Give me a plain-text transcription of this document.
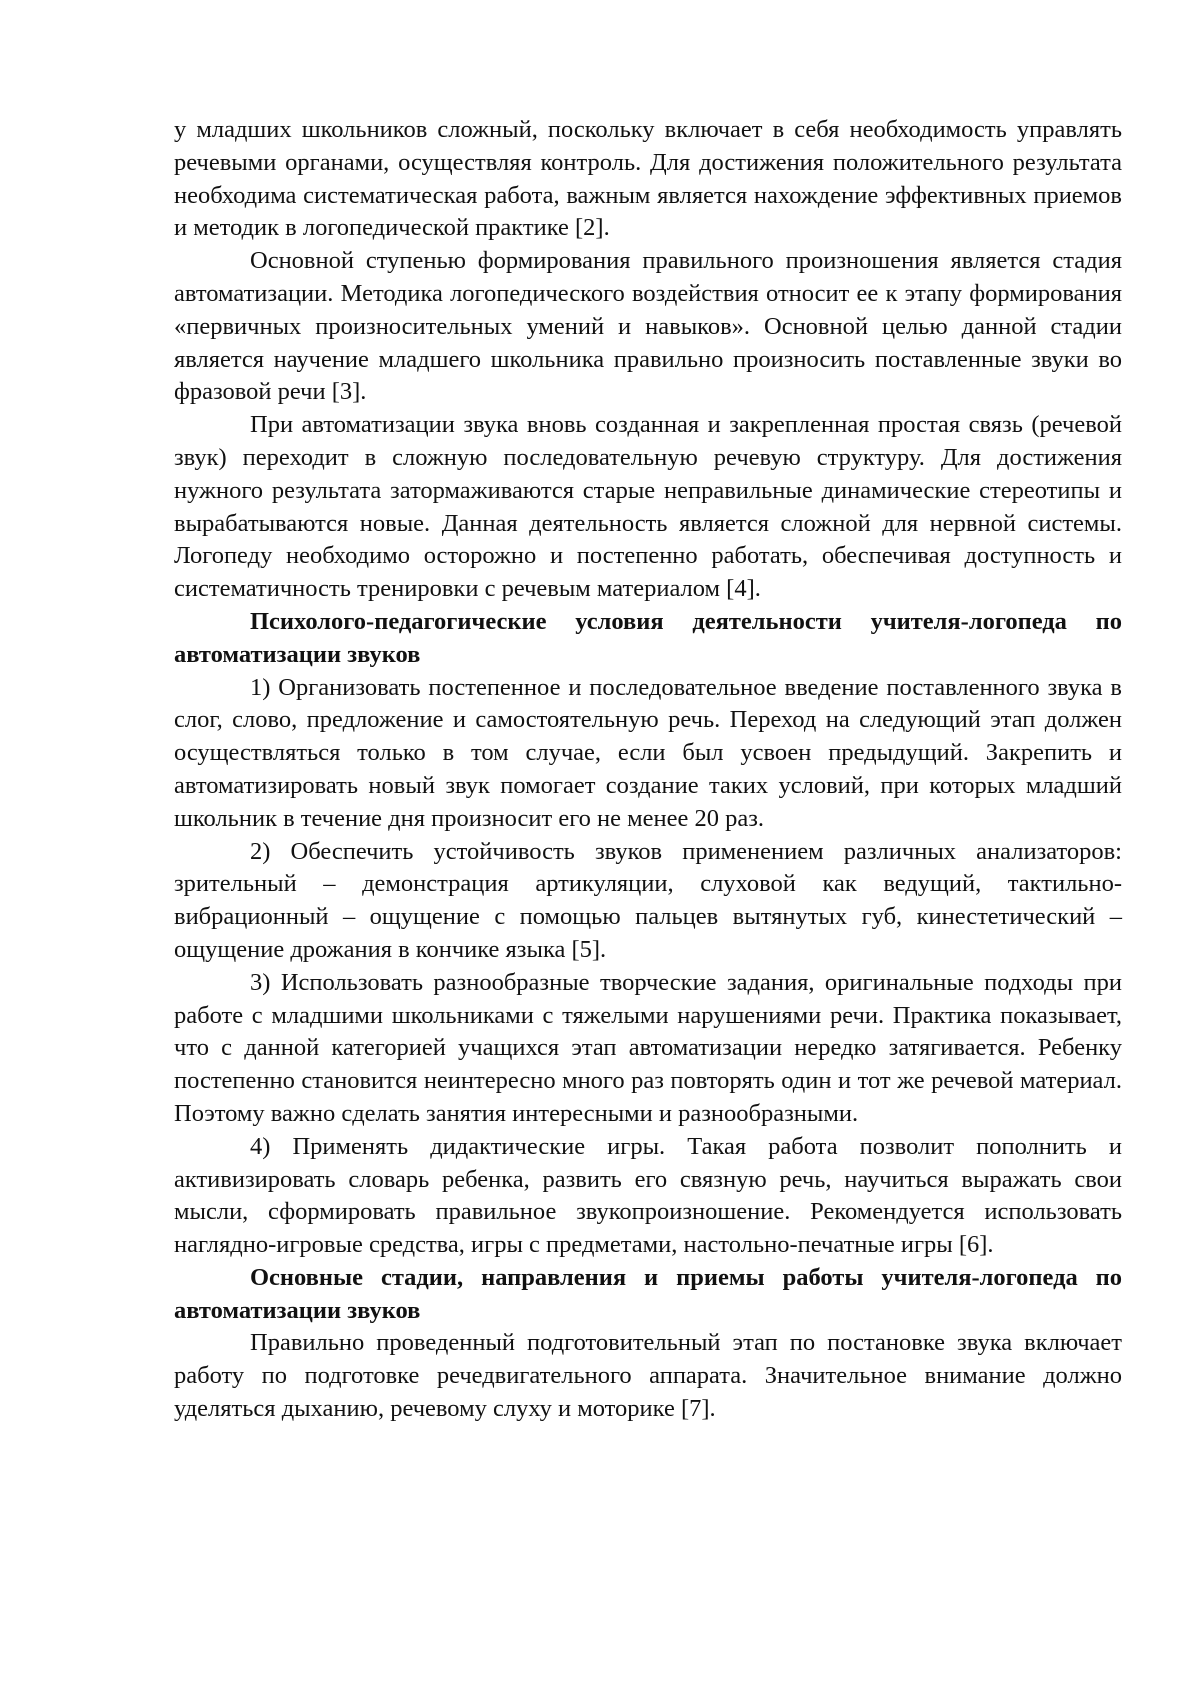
у младших школьников сложный, поскольку включает в себя необходимость управлять речевыми органами, осуществляя контроль. Для достижения положительного результата необходима систематическая работа, важным является нахождение эффективных приемов и методик в логопедической практике [2].

Основной ступенью формирования правильного произношения является стадия автоматизации. Методика логопедического воздействия относит ее к этапу формирования «первичных произносительных умений и навыков». Основной целью данной стадии является научение младшего школьника правильно произносить поставленные звуки во фразовой речи [3].

При автоматизации звука вновь созданная и закрепленная простая связь (речевой звук) переходит в сложную последовательную речевую структуру. Для достижения нужного результата затормаживаются старые неправильные динамические стереотипы и вырабатываются новые. Данная деятельность является сложной для нервной системы. Логопеду необходимо осторожно и постепенно работать, обеспечивая доступность и систематичность тренировки с речевым материалом [4].

Психолого-педагогические условия деятельности учителя-логопеда по автоматизации звуков

1) Организовать постепенное и последовательное введение поставленного звука в слог, слово, предложение и самостоятельную речь. Переход на следующий этап должен осуществляться только в том случае, если был усвоен предыдущий. Закрепить и автоматизировать новый звук помогает создание таких условий, при которых младший школьник в течение дня произносит его не менее 20 раз.

2) Обеспечить устойчивость звуков применением различных анализаторов: зрительный – демонстрация артикуляции, слуховой как ведущий, тактильно-вибрационный – ощущение с помощью пальцев вытянутых губ, кинестетический – ощущение дрожания в кончике языка [5].

3) Использовать разнообразные творческие задания, оригинальные подходы при работе с младшими школьниками с тяжелыми нарушениями речи. Практика показывает, что с данной категорией учащихся этап автоматизации нередко затягивается. Ребенку постепенно становится неинтересно много раз повторять один и тот же речевой материал. Поэтому важно сделать занятия интересными и разнообразными.

4) Применять дидактические игры. Такая работа позволит пополнить и активизировать словарь ребенка, развить его связную речь, научиться выражать свои мысли, сформировать правильное звукопроизношение. Рекомендуется использовать наглядно-игровые средства, игры с предметами, настольно-печатные игры [6].

Основные стадии, направления и приемы работы учителя-логопеда по автоматизации звуков

Правильно проведенный подготовительный этап по постановке звука включает работу по подготовке речедвигательного аппарата. Значительное внимание должно уделяться дыханию, речевому слуху и моторике [7].
